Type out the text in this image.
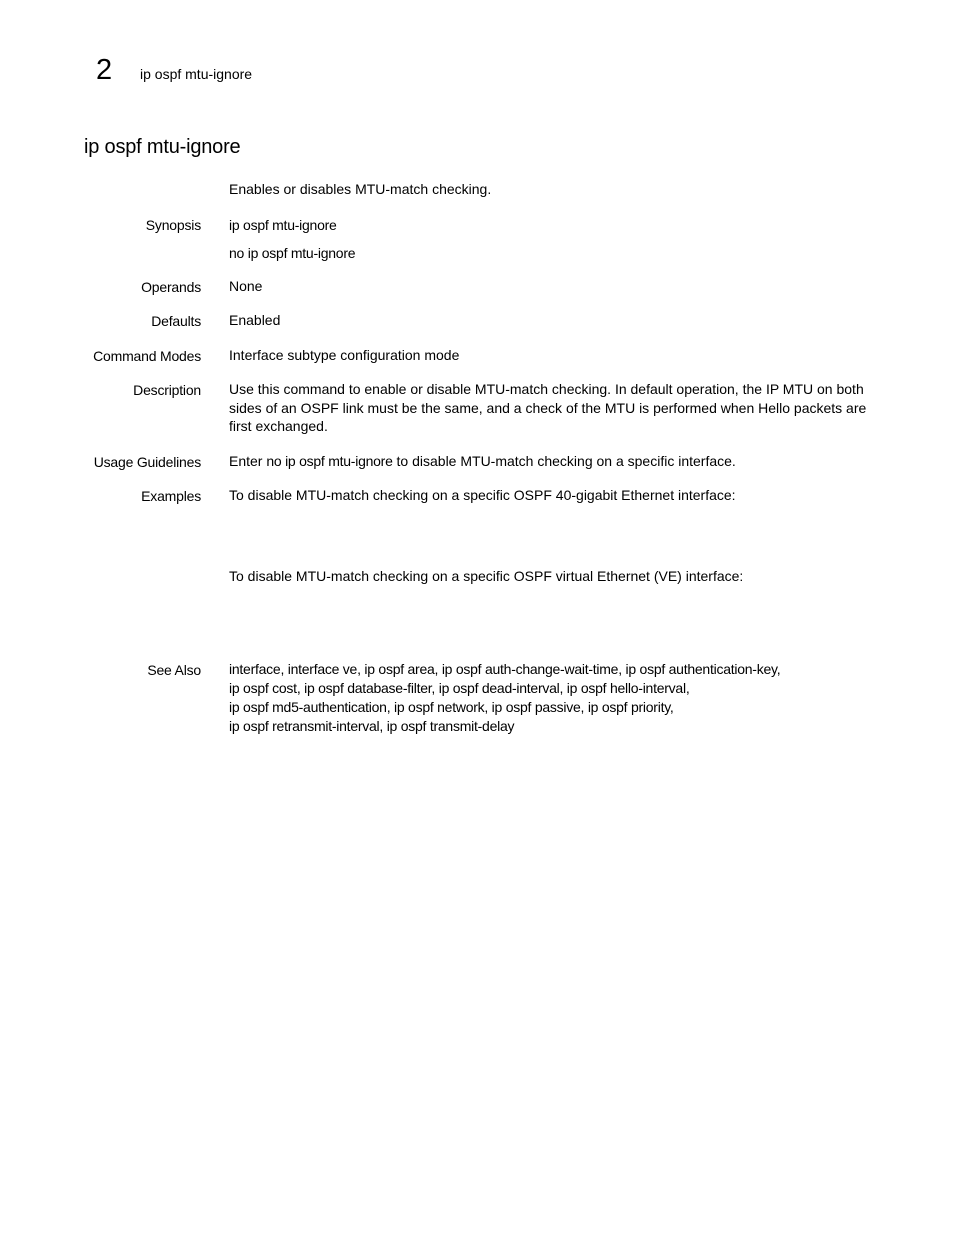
2 ip ospf mtu-ignore
ip ospf mtu-ignore
Enables or disables MTU-match checking.
Synopsis ip ospf mtu-ignore
no ip ospf mtu-ignore
Operands None
Defaults Enabled
Command Modes Interface subtype configuration mode
Description Use this command to enable or disable MTU-match checking. In default operation, the IP MTU on both sides of an OSPF link must be the same, and a check of the MTU is performed when Hello packets are first exchanged.
Usage Guidelines Enter no ip ospf mtu-ignore to disable MTU-match checking on a specific interface.
Examples To disable MTU-match checking on a specific OSPF 40-gigabit Ethernet interface:
To disable MTU-match checking on a specific OSPF virtual Ethernet (VE) interface:
See Also interface, interface ve, ip ospf area, ip ospf auth-change-wait-time, ip ospf authentication-key,
ip ospf cost, ip ospf database-filter, ip ospf dead-interval, ip ospf hello-interval,
ip ospf md5-authentication, ip ospf network, ip ospf passive, ip ospf priority,
ip ospf retransmit-interval, ip ospf transmit-delay
